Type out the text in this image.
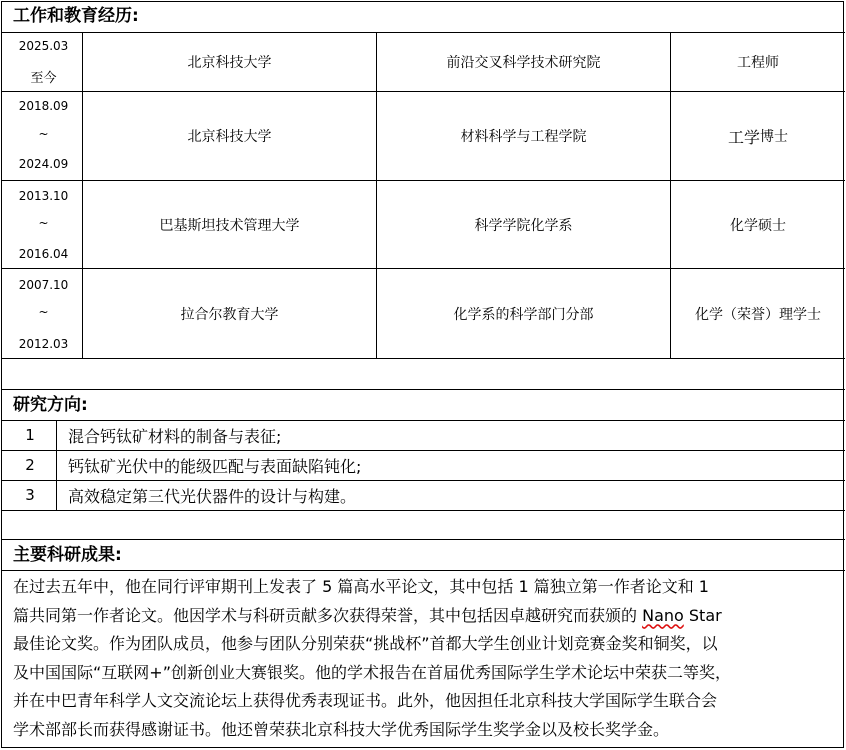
工作和教育经历:
2025.03
至今
北京科技大学	前沿交叉科学技术研究院	工程师
2018.09
~
2024.09
北京科技大学	材料科学与工程学院	工学 博士
2013.10
~
2016.04
巴基斯坦技术管理大学	科学学院化学系	化学硕士
2007.10
~
2012.03
拉合尔教育大学	化学系的科学部门分部	化学（荣誉）理学士
研究方向:
1	混合钙钛矿材料的制备与表征;
2	钙钛矿光伏中的能级匹配与表面缺陷钝化;
3	高效稳定第三代光伏器件的设计与构建。
主要科研成果:
在过去五年中，他在同行评审期刊上发表了 5 篇高水平论文，其中包括 1 篇独立第一作者论文和 1
篇共同第一作者论文。他因学术与科研贡献多次获得荣誉，其中包括因卓越研究而获颁的 Nano Star
最佳论文奖。作为团队成员，他参与团队分别荣获“挑战杯”首都大学生创业计划竞赛金奖和铜奖，以
及中国国际“互联网+”创新创业大赛银奖。他的学术报告在首届优秀国际学生学术论坛中荣获二等奖，
并在中巴青年科学人文交流论坛上获得优秀表现证书。此外，他因担任北京科技大学国际学生联合会
学术部部长而获得感谢证书。他还曾荣获北京科技大学优秀国际学生奖学金以及校长奖学金。
